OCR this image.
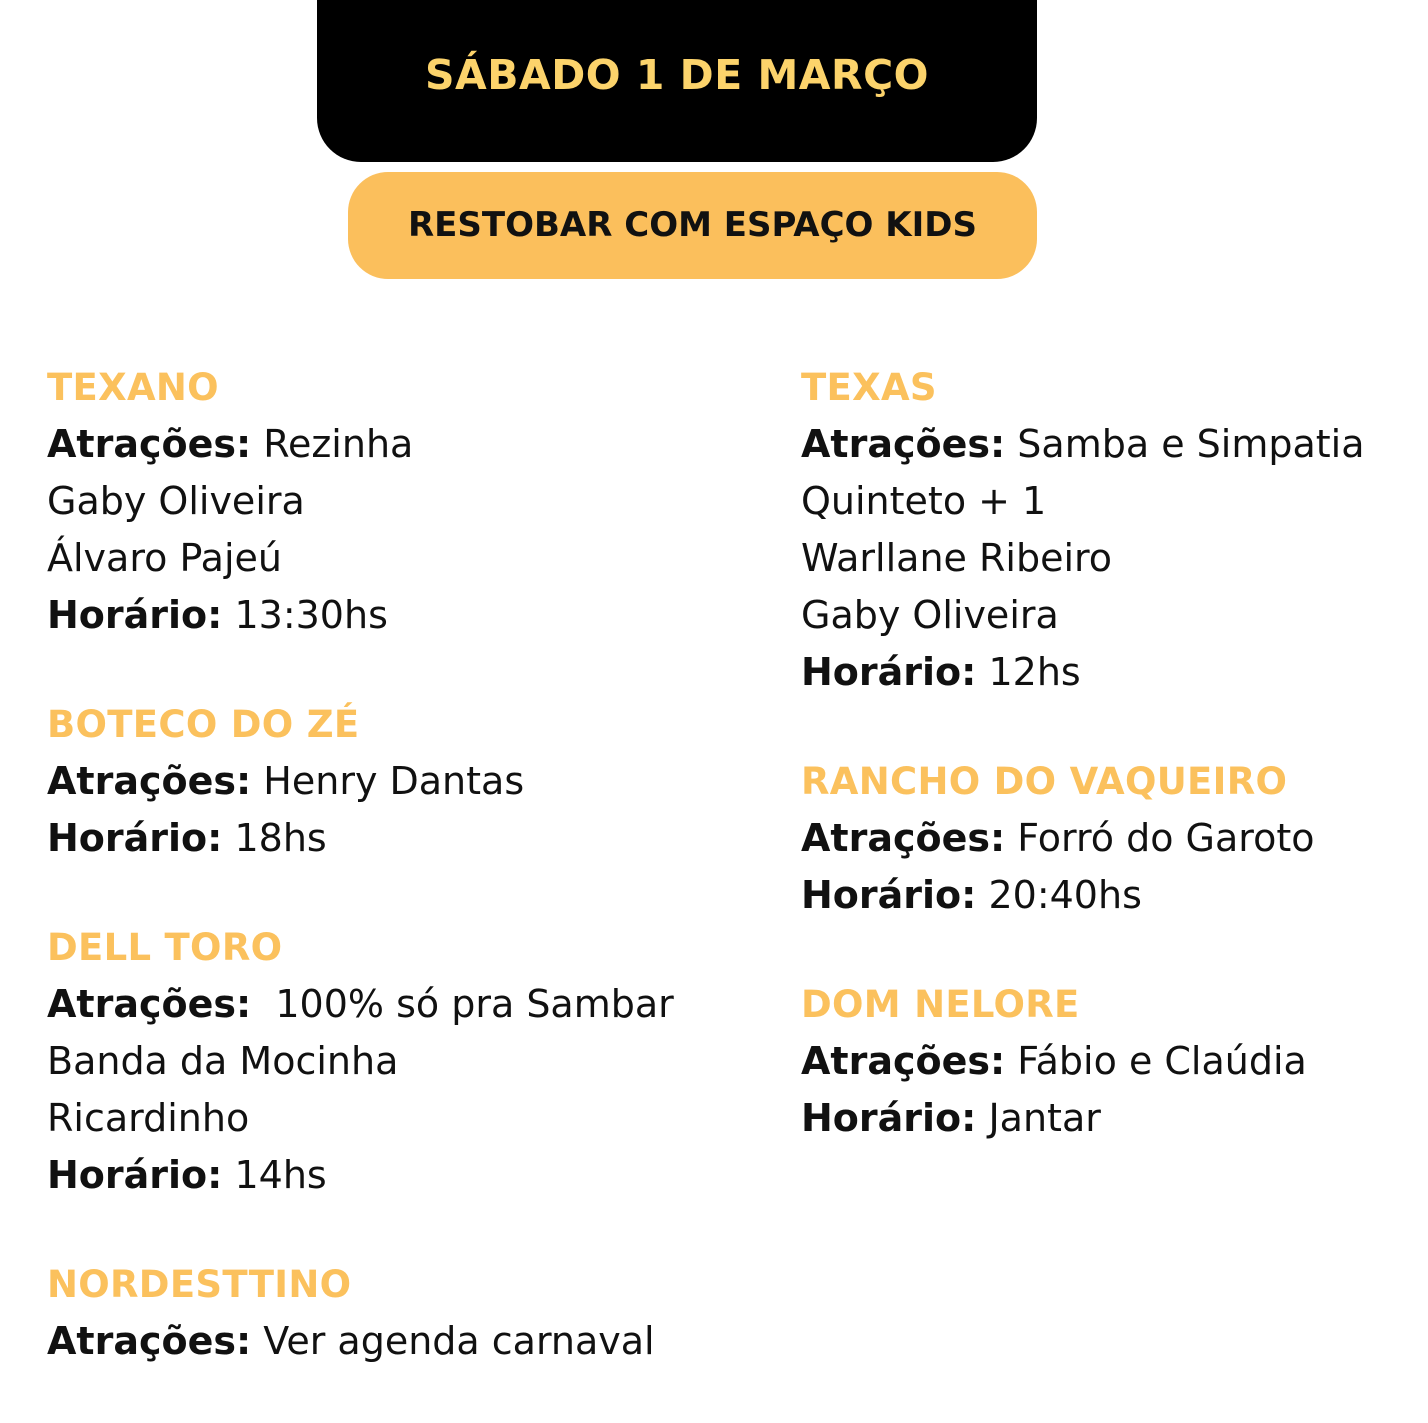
SÁBADO 1 DE MARÇO
RESTOBAR COM ESPAÇO KIDS
TEXANO
Atrações: Rezinha
Gaby Oliveira
Álvaro Pajeú
Horário: 13:30hs
BOTECO DO ZÉ
Atrações: Henry Dantas
Horário: 18hs
DELL TORO
Atrações:  100% só pra Sambar
Banda da Mocinha
Ricardinho
Horário: 14hs
NORDESTTINO
Atrações: Ver agenda carnaval
TEXAS
Atrações: Samba e Simpatia
Quinteto + 1
Warllane Ribeiro
Gaby Oliveira
Horário: 12hs
RANCHO DO VAQUEIRO
Atrações: Forró do Garoto
Horário: 20:40hs
DOM NELORE
Atrações: Fábio e Claúdia
Horário: Jantar
